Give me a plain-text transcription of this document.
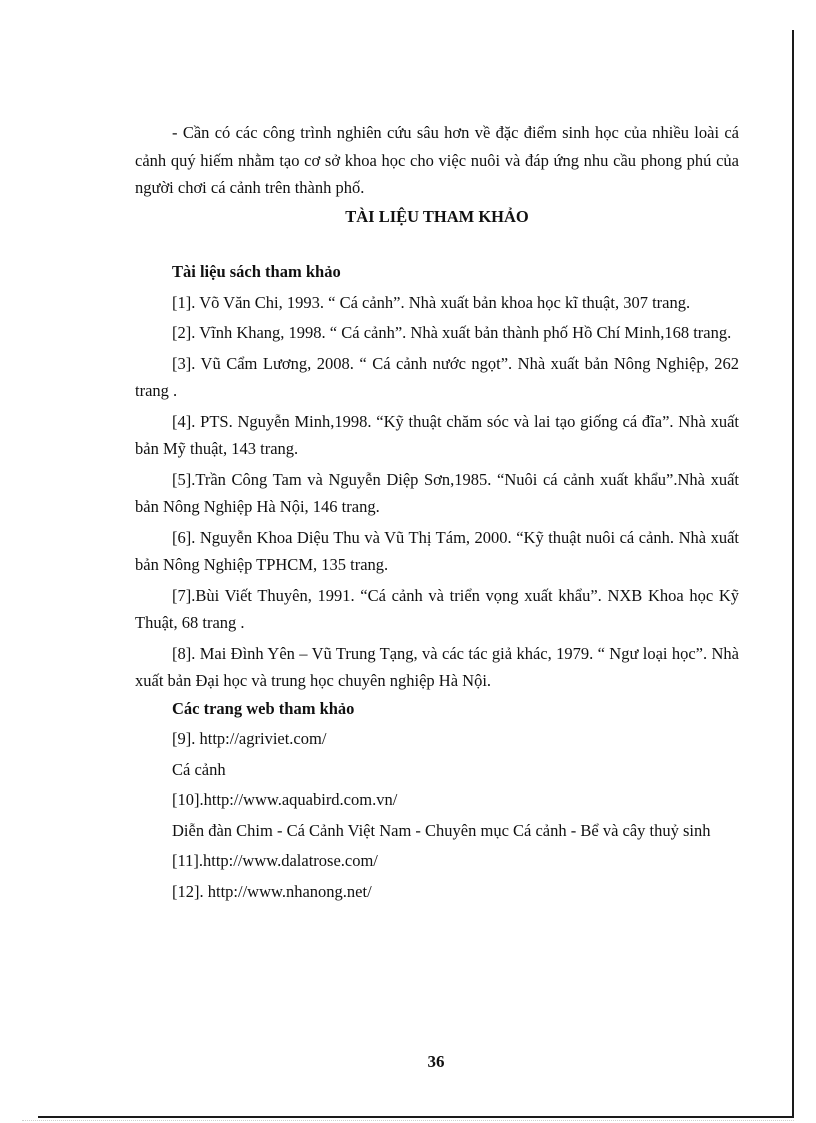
- Cần có các công trình nghiên cứu sâu hơn về đặc điểm sinh học của nhiều loài cá cảnh quý hiếm nhằm tạo cơ sở khoa học cho việc nuôi và đáp ứng nhu cầu phong phú của người chơi cá cảnh trên thành phố.

TÀI LIỆU THAM KHẢO

Tài liệu sách tham khảo

[1]. Võ Văn Chi, 1993. “ Cá cảnh”. Nhà xuất bản khoa học kĩ thuật, 307 trang.

[2]. Vĩnh Khang, 1998. “ Cá cảnh”. Nhà xuất bản thành phố Hồ Chí Minh,168 trang.

[3]. Vũ Cẩm Lương, 2008. “ Cá cảnh nước ngọt”. Nhà xuất bản Nông Nghiệp, 262 trang .

[4]. PTS. Nguyễn Minh,1998. “Kỹ thuật chăm sóc và lai tạo giống cá đĩa”. Nhà xuất bản Mỹ thuật, 143 trang.

[5].Trần Công Tam và Nguyễn Diệp Sơn,1985. “Nuôi cá cảnh xuất khẩu”.Nhà xuất bản Nông Nghiệp Hà Nội, 146 trang.

[6]. Nguyễn Khoa Diệu Thu và Vũ Thị Tám, 2000. “Kỹ thuật nuôi cá cảnh. Nhà xuất bản Nông Nghiệp TPHCM, 135 trang.

[7].Bùi Viết Thuyên, 1991. “Cá cảnh và triển vọng xuất khẩu”. NXB Khoa học Kỹ Thuật, 68 trang .

[8]. Mai Đình Yên – Vũ Trung Tạng, và các tác giả khác, 1979. “ Ngư loại học”. Nhà xuất bản Đại học và trung học chuyên nghiệp Hà Nội.

Các trang web tham khảo

[9]. http://agriviet.com/

Cá cảnh

[10].http://www.aquabird.com.vn/

Diễn đàn Chim - Cá Cảnh Việt Nam - Chuyên mục Cá cảnh - Bể và cây thuỷ sinh

[11].http://www.dalatrose.com/

[12]. http://www.nhanong.net/

36
